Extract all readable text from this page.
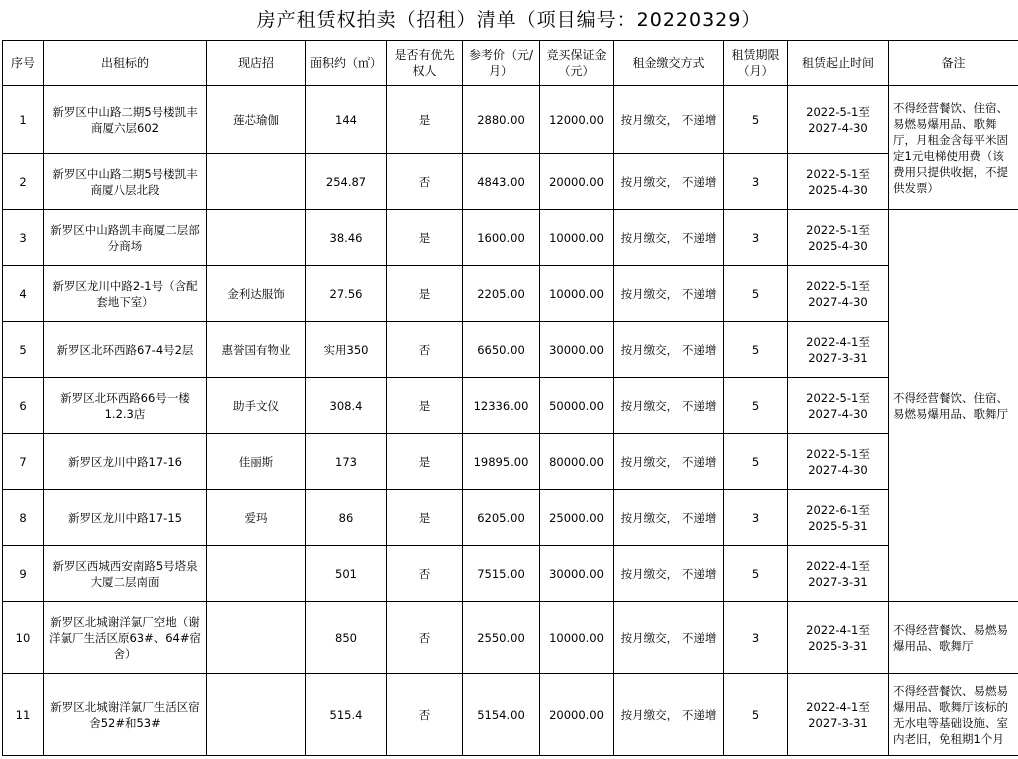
房产租赁权拍卖（招租）清单（项目编号：20220329）
序号	出租标的	现店招	面积约（㎡）	是否有优先权人	参考价（元/月）	竞买保证金（元）	租金缴交方式	租赁期限（月）	租赁起止时间	备注
1	新罗区中山路二期5号楼凯丰商厦六层602	莲芯瑜伽	144	是	2880.00	12000.00	按月缴交， 不递增	5	2022-5-1至2027-4-30	不得经营餐饮、住宿、易燃易爆用品、歌舞厅，月租金含每平米固定1元电梯使用费（该费用只提供收据，不提供发票）
2	新罗区中山路二期5号楼凯丰商厦八层北段		254.87	否	4843.00	20000.00	按月缴交， 不递增	3	2022-5-1至2025-4-30	
3	新罗区中山路凯丰商厦二层部分商场		38.46	是	1600.00	10000.00	按月缴交， 不递增	3	2022-5-1至2025-4-30	不得经营餐饮、住宿、易燃易爆用品、歌舞厅
4	新罗区龙川中路2-1号（含配套地下室）	金利达服饰	27.56	是	2205.00	10000.00	按月缴交， 不递增	5	2022-5-1至2027-4-30	
5	新罗区北环西路67-4号2层	惠誉国有物业	实用350	否	6650.00	30000.00	按月缴交， 不递增	5	2022-4-1至2027-3-31	
6	新罗区北环西路66号一楼1.2.3店	助手文仪	308.4	是	12336.00	50000.00	按月缴交， 不递增	5	2022-5-1至2027-4-30	
7	新罗区龙川中路17-16	佳丽斯	173	是	19895.00	80000.00	按月缴交， 不递增	5	2022-5-1至2027-4-30	
8	新罗区龙川中路17-15	爱玛	86	是	6205.00	25000.00	按月缴交， 不递增	3	2022-6-1至2025-5-31	
9	新罗区西城西安南路5号塔泉大厦二层南面		501	否	7515.00	30000.00	按月缴交， 不递增	5	2022-4-1至2027-3-31	
10	新罗区北城谢洋氯厂空地（谢洋氯厂生活区原63#、64#宿舍）		850	否	2550.00	10000.00	按月缴交， 不递增	3	2022-4-1至2025-3-31	不得经营餐饮、易燃易爆用品、歌舞厅
11	新罗区北城谢洋氯厂生活区宿舍52#和53#		515.4	否	5154.00	20000.00	按月缴交， 不递增	5	2022-4-1至2027-3-31	不得经营餐饮、易燃易爆用品、歌舞厅该标的无水电等基础设施、室内老旧，免租期1个月
